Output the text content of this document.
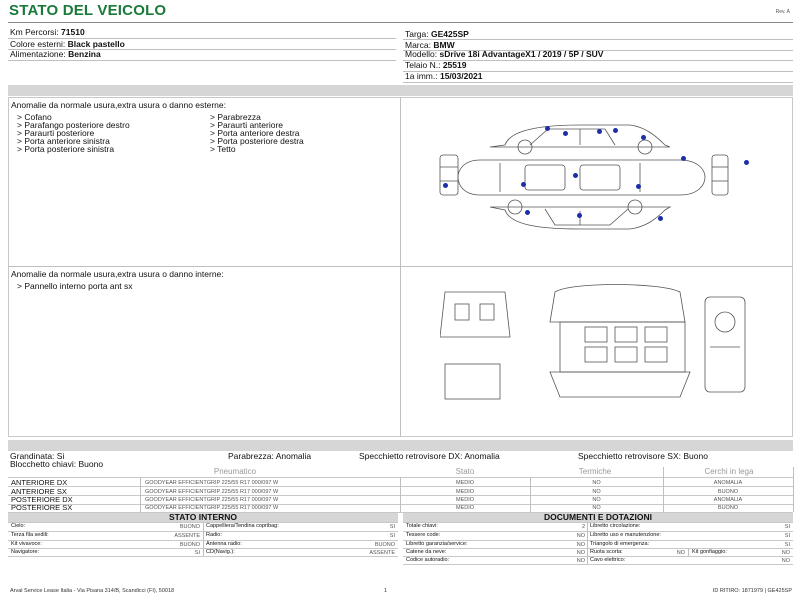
STATO DEL VEICOLO	Rev. A
Km Percorsi: 71510
Colore esterni: Black pastello
Alimentazione: Benzina
Targa: GE425SP
Marca: BMW
Modello: sDrive 18i AdvantageX1 / 2019 / 5P / SUV
Telaio N.: 25519
1a imm.: 15/03/2021
Anomalie da normale usura,extra usura o danno esterne:
> Cofano
> Parafango posteriore destro
> Paraurti posteriore
> Porta anteriore sinistra
> Porta posteriore sinistra
> Parabrezza
> Paraurti anteriore
> Porta anteriore destra
> Porta posteriore destra
> Tetto
Anomalie da normale usura,extra usura o danno interne:
> Pannello interno porta ant sx
Grandinata: Si	Parabrezza: Anomalia	Specchietto retrovisore DX: Anomalia	Specchietto retrovisore SX: Buono
Blocchetto chiavi: Buono
Pneumatico	Stato	Termiche	Cerchi in lega
ANTERIORE DX	GOODYEAR EFFICIENTGRIP 225/55 R17 000/097 W	MEDIO	NO	ANOMALIA
ANTERIORE SX	GOODYEAR EFFICIENTGRIP 225/55 R17 000/097 W	MEDIO	NO	BUONO
POSTERIORE DX	GOODYEAR EFFICIENTGRIP 225/55 R17 000/097 W	MEDIO	NO	ANOMALIA
POSTERIORE SX	GOODYEAR EFFICIENTGRIP 225/55 R17 000/097 W	MEDIO	NO	BUONO
STATO INTERNO
Cielo:	BUONO
Terza fila sedili:	ASSENTE
Kit vivavoce:	BUONO
Navigatore:	SI
Cappelliera/Tendina copribag:	SI
Radio:	SI
Antenna radio:	BUONO
CD(Navig.):	ASSENTE
DOCUMENTI E DOTAZIONI
Totale chiavi:	2
Tessere code:	NO
Libretto garanzia/service:	NO
Catene da neve:	NO
Codice autoradio:	NO
Libretto circolazione:	SI
Libretto uso e manutenzione:	SI
Triangolo di emergenza:	SI
Ruota scorta:	NO Kit gonfiaggio:	NO
Cavo elettrico:	NO
Arval Service Lease Italia - Via Pisana 314/B, Scandicci (FI), 50018	1	ID RITIRO: 1871979 | GE425SP
